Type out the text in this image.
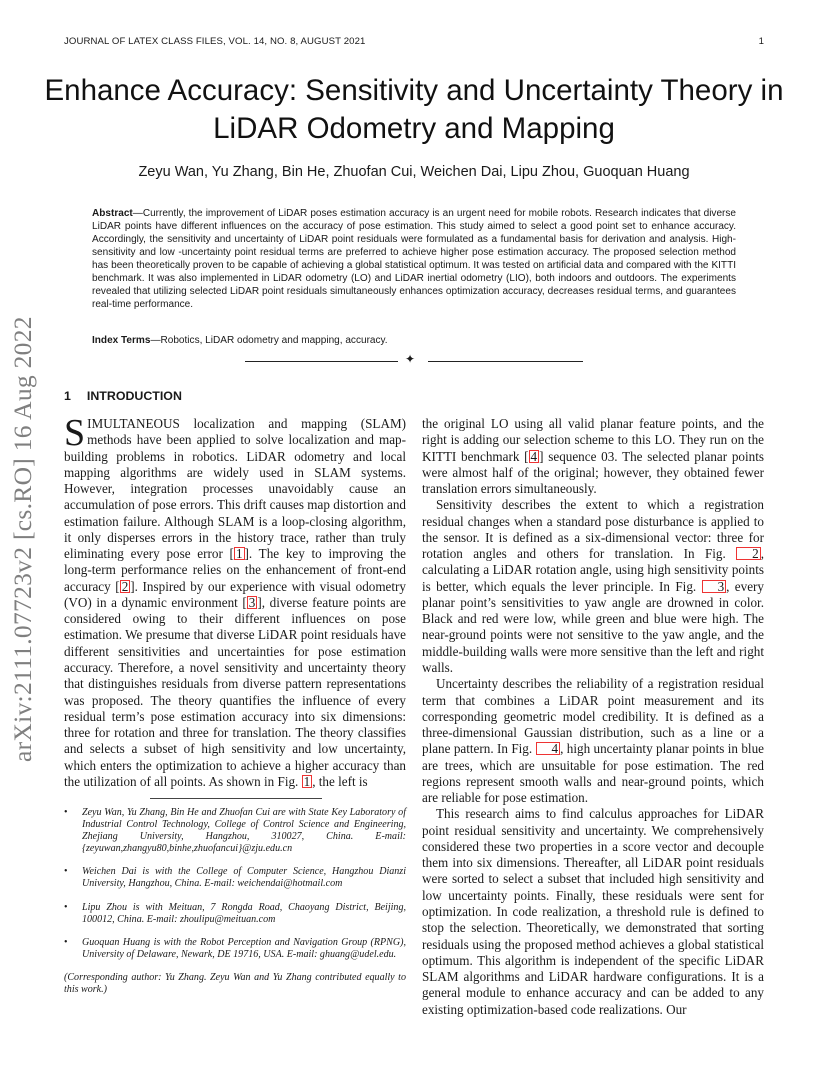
JOURNAL OF LATEX CLASS FILES, VOL. 14, NO. 8, AUGUST 2021	1
Enhance Accuracy: Sensitivity and Uncertainty Theory in LiDAR Odometry and Mapping
Zeyu Wan, Yu Zhang, Bin He, Zhuofan Cui, Weichen Dai, Lipu Zhou, Guoquan Huang
Abstract—Currently, the improvement of LiDAR poses estimation accuracy is an urgent need for mobile robots. Research indicates that diverse LiDAR points have different influences on the accuracy of pose estimation. This study aimed to select a good point set to enhance accuracy. Accordingly, the sensitivity and uncertainty of LiDAR point residuals were formulated as a fundamental basis for derivation and analysis. High-sensitivity and low -uncertainty point residual terms are preferred to achieve higher pose estimation accuracy. The proposed selection method has been theoretically proven to be capable of achieving a global statistical optimum. It was tested on artificial data and compared with the KITTI benchmark. It was also implemented in LiDAR odometry (LO) and LiDAR inertial odometry (LIO), both indoors and outdoors. The experiments revealed that utilizing selected LiDAR point residuals simultaneously enhances optimization accuracy, decreases residual terms, and guarantees real-time performance.
Index Terms—Robotics, LiDAR odometry and mapping, accuracy.
✦
arXiv:2111.07723v2 [cs.RO] 16 Aug 2022	1 INTRODUCTION

SIMULTANEOUS localization and mapping (SLAM) methods have been applied to solve localization and map-building problems in robotics. LiDAR odometry and local mapping algorithms are widely used in SLAM systems. However, integration processes unavoidably cause an accumulation of pose errors. This drift causes map distortion and estimation failure. Although SLAM is a loop-closing algorithm, it only disperses errors in the history trace, rather than truly eliminating every pose error [ 1 ]. The key to improving the long-term performance relies on the enhancement of front-end accuracy [ 2 ]. Inspired by our experience with visual odometry (VO) in a dynamic environment [ 3 ], diverse feature points are considered owing to their different influences on pose estimation. We presume that diverse LiDAR point residuals have different sensitivities and uncertainties for pose estimation accuracy. Therefore, a novel sensitivity and uncertainty theory that distinguishes residuals from diverse pattern representations was proposed. The theory quantifies the influence of every residual term’s pose estimation accuracy into six dimensions: three for rotation and three for translation. The theory classifies and selects a subset of high sensitivity and low uncertainty, which enters the optimization to achieve a higher accuracy than the utilization of all points. As shown in Fig. 1 , the left is

• Zeyu Wan, Yu Zhang, Bin He and Zhuofan Cui are with State Key Laboratory of Industrial Control Technology, College of Control Science and Engineering, Zhejiang University, Hangzhou, 310027, China. E-mail: {zeyuwan,zhangyu80,binhe,zhuofancui}@zju.edu.cn
• Weichen Dai is with the College of Computer Science, Hangzhou Dianzi University, Hangzhou, China. E-mail: weichendai@hotmail.com
• Lipu Zhou is with Meituan, 7 Rongda Road, Chaoyang District, Beijing, 100012, China. E-mail: zhoulipu@meituan.com
• Guoquan Huang is with the Robot Perception and Navigation Group (RPNG), University of Delaware, Newark, DE 19716, USA. E-mail: ghuang@udel.edu.
(Corresponding author: Yu Zhang. Zeyu Wan and Yu Zhang contributed equally to this work.)

the original LO using all valid planar feature points, and the right is adding our selection scheme to this LO. They run on the KITTI benchmark [ 4 ] sequence 03. The selected planar points were almost half of the original; however, they obtained fewer translation errors simultaneously.

Sensitivity describes the extent to which a registration residual changes when a standard pose disturbance is applied to the sensor. It is defined as a six-dimensional vector: three for rotation angles and others for translation. In Fig. 2 , calculating a LiDAR rotation angle, using high sensitivity points is better, which equals the lever principle. In Fig. 3 , every planar point’s sensitivities to yaw angle are drowned in color. Black and red were low, while green and blue were high. The near-ground points were not sensitive to the yaw angle, and the middle-building walls were more sensitive than the left and right walls.

Uncertainty describes the reliability of a registration residual term that combines a LiDAR point measurement and its corresponding geometric model credibility. It is defined as a three-dimensional Gaussian distribution, such as a line or a plane pattern. In Fig. 4 , high uncertainty planar points in blue are trees, which are unsuitable for pose estimation. The red regions represent smooth walls and near-ground points, which are reliable for pose estimation.

This research aims to find calculus approaches for LiDAR point residual sensitivity and uncertainty. We comprehensively considered these two properties in a score vector and decouple them into six dimensions. Thereafter, all LiDAR point residuals were sorted to select a subset that included high sensitivity and low uncertainty points. Finally, these residuals were sent for optimization. In code realization, a threshold rule is defined to stop the selection. Theoretically, we demonstrated that sorting residuals using the proposed method achieves a global statistical optimum. This algorithm is independent of the specific LiDAR SLAM algorithms and LiDAR hardware configurations. It is a general module to enhance accuracy and can be added to any existing optimization-based code realizations. Our
